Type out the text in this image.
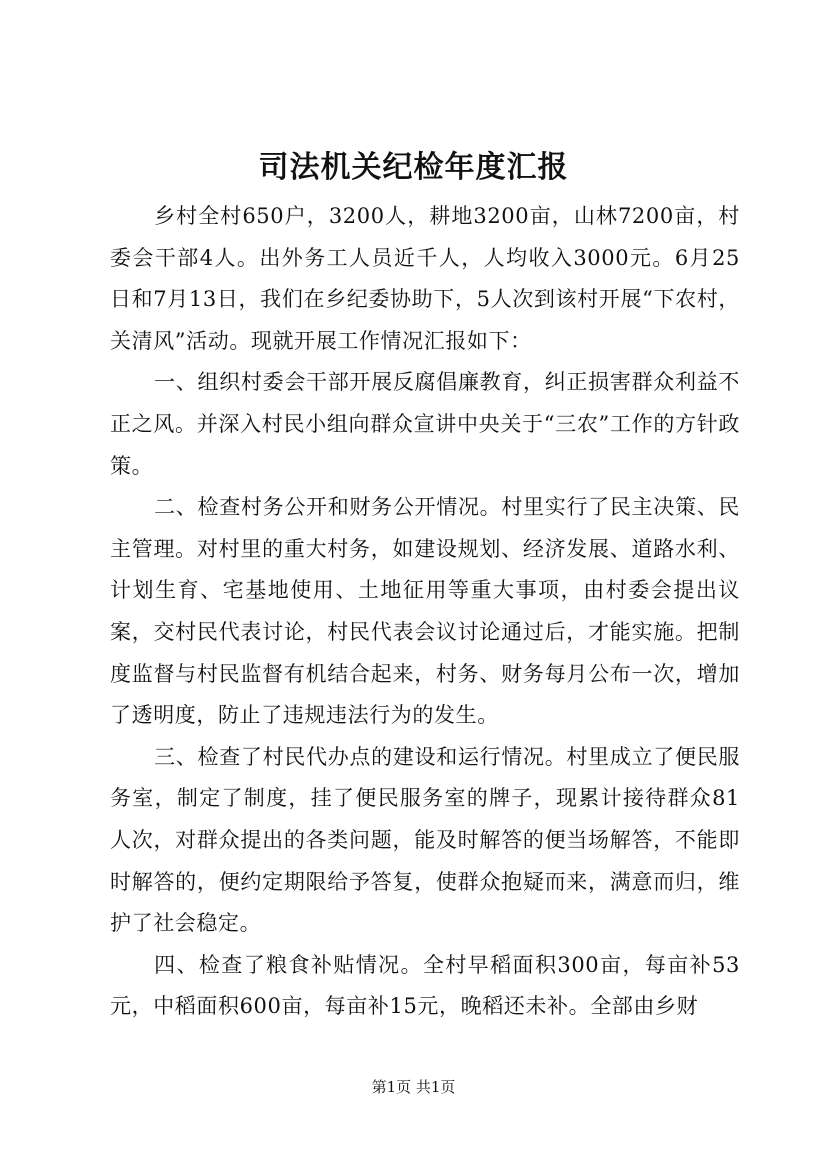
司法机关纪检年度汇报

乡村全村650户，3200人，耕地3200亩，山林7200亩，村委会干部4人。出外务工人员近千人，人均收入3000元。6月25日和7月13日，我们在乡纪委协助下，5人次到该村开展“下农村，关清风”活动。现就开展工作情况汇报如下：

一、组织村委会干部开展反腐倡廉教育，纠正损害群众利益不正之风。并深入村民小组向群众宣讲中央关于“三农”工作的方针政策。

二、检查村务公开和财务公开情况。村里实行了民主决策、民主管理。对村里的重大村务，如建设规划、经济发展、道路水利、计划生育、宅基地使用、土地征用等重大事项，由村委会提出议案，交村民代表讨论，村民代表会议讨论通过后，才能实施。把制度监督与村民监督有机结合起来，村务、财务每月公布一次，增加了透明度，防止了违规违法行为的发生。

三、检查了村民代办点的建设和运行情况。村里成立了便民服务室，制定了制度，挂了便民服务室的牌子，现累计接待群众81人次，对群众提出的各类问题，能及时解答的便当场解答，不能即时解答的，便约定期限给予答复，使群众抱疑而来，满意而归，维护了社会稳定。

四、检查了粮食补贴情况。全村早稻面积300亩，每亩补53元，中稻面积600亩，每亩补15元，晚稻还未补。全部由乡财

第1页 共1页
